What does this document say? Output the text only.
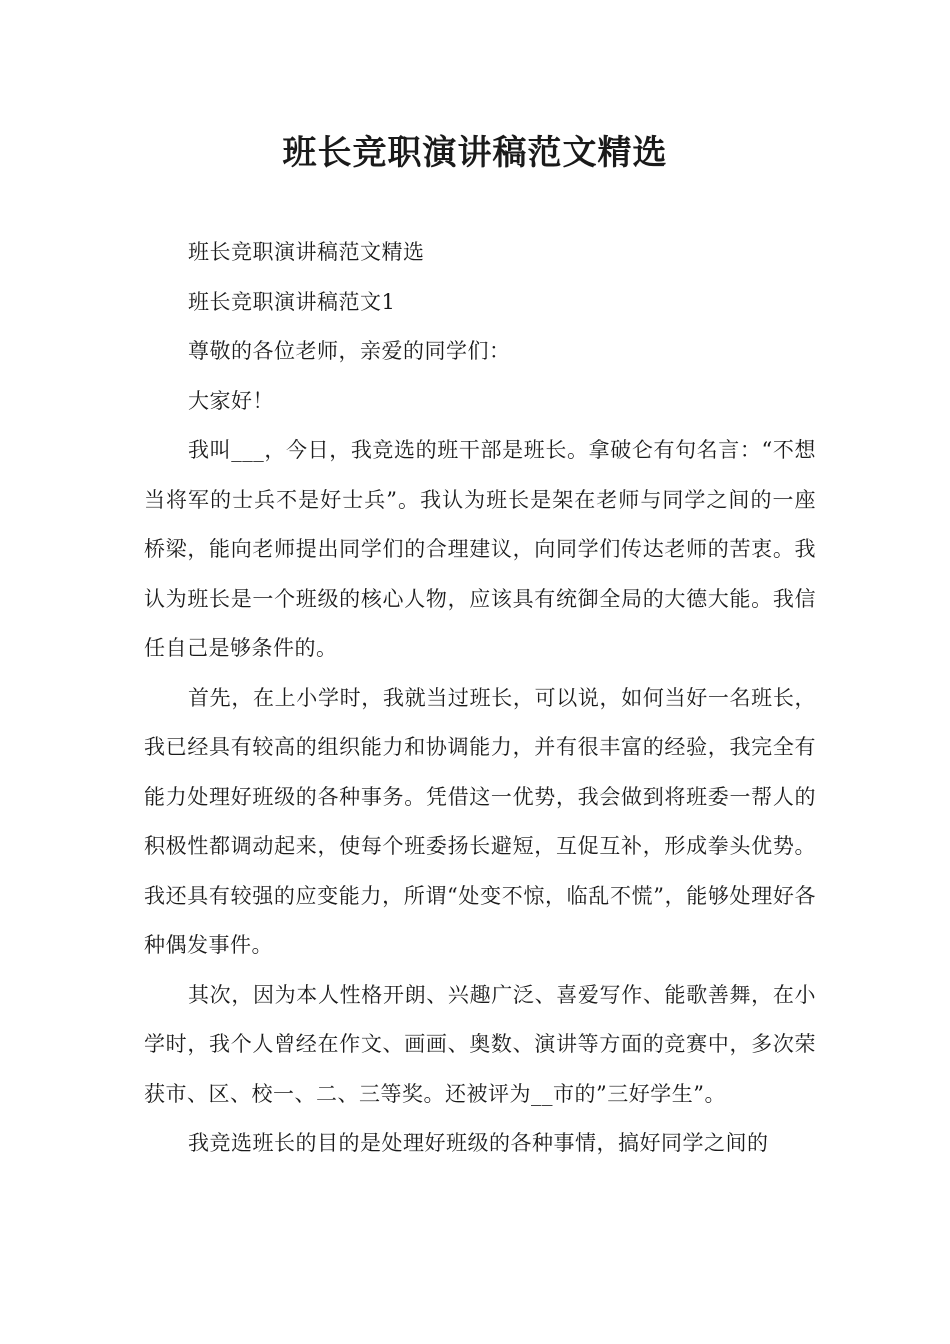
班长竞职演讲稿范文精选

班长竞职演讲稿范文精选

班长竞职演讲稿范文1

尊敬的各位老师，亲爱的同学们：

大家好！

我叫___，今日，我竞选的班干部是班长。拿破仑有句名言：“不想当将军的士兵不是好士兵”。我认为班长是架在老师与同学之间的一座桥梁，能向老师提出同学们的合理建议，向同学们传达老师的苦衷。我认为班长是一个班级的核心人物，应该具有统御全局的大德大能。我信任自己是够条件的。

首先，在上小学时，我就当过班长，可以说，如何当好一名班长，我已经具有较高的组织能力和协调能力，并有很丰富的经验，我完全有能力处理好班级的各种事务。凭借这一优势，我会做到将班委一帮人的积极性都调动起来，使每个班委扬长避短，互促互补，形成拳头优势。我还具有较强的应变能力，所谓“处变不惊，临乱不慌”，能够处理好各种偶发事件。

其次，因为本人性格开朗、兴趣广泛、喜爱写作、能歌善舞，在小学时，我个人曾经在作文、画画、奥数、演讲等方面的竞赛中，多次荣获市、区、校一、二、三等奖。还被评为__市的”三好学生”。

我竞选班长的目的是处理好班级的各种事情，搞好同学之间的
